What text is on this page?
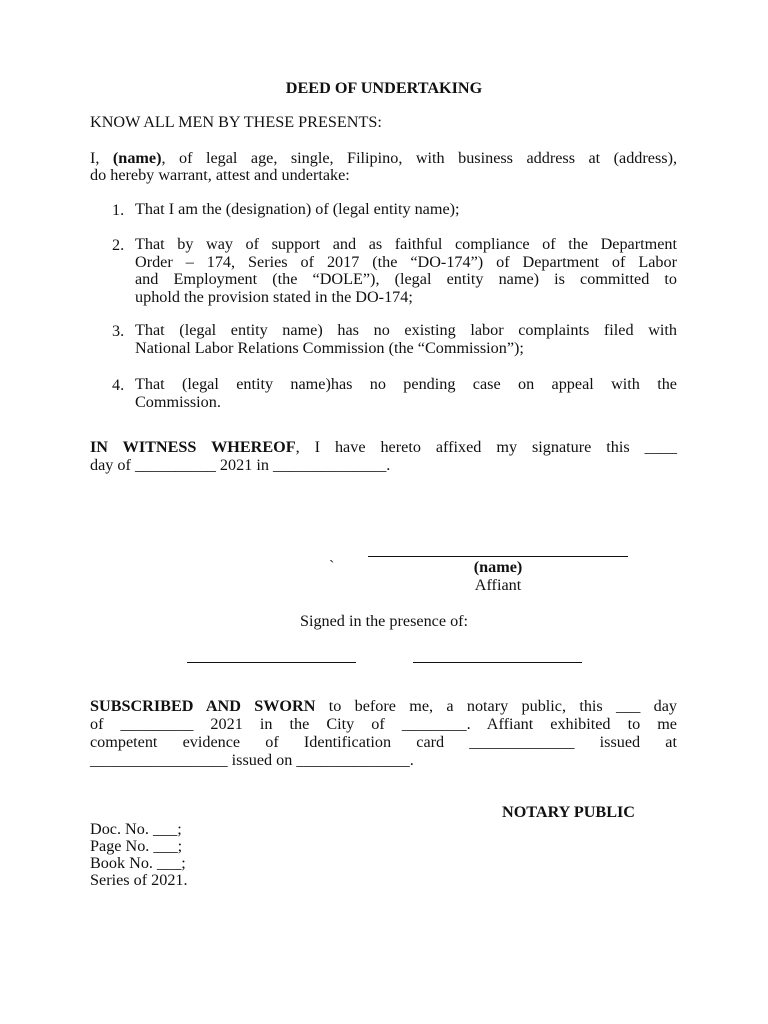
DEED OF UNDERTAKING
KNOW ALL MEN BY THESE PRESENTS:
I, (name), of legal age, single, Filipino, with business address at (address),
do hereby warrant, attest and undertake:
1. That I am the (designation) of (legal entity name);
2. That by way of support and as faithful compliance of the Department
Order – 174, Series of 2017 (the “DO-174”) of Department of Labor
and Employment (the “DOLE”), (legal entity name) is committed to
uphold the provision stated in the DO-174;
3. That (legal entity name) has no existing labor complaints filed with
National Labor Relations Commission (the “Commission”);
4. That (legal entity name)has no pending case on appeal with the
Commission.
IN WITNESS WHEREOF, I have hereto affixed my signature this ____
day of __________ 2021 in ______________.
`	(name)
Affiant
Signed in the presence of:
SUBSCRIBED AND SWORN to before me, a notary public, this ___ day
of _________ 2021 in the City of ________. Affiant exhibited to me
competent evidence of Identification card _____________ issued at
_________________ issued on ______________.
NOTARY PUBLIC
Doc. No. ___;
Page No. ___;
Book No. ___;
Series of 2021.
